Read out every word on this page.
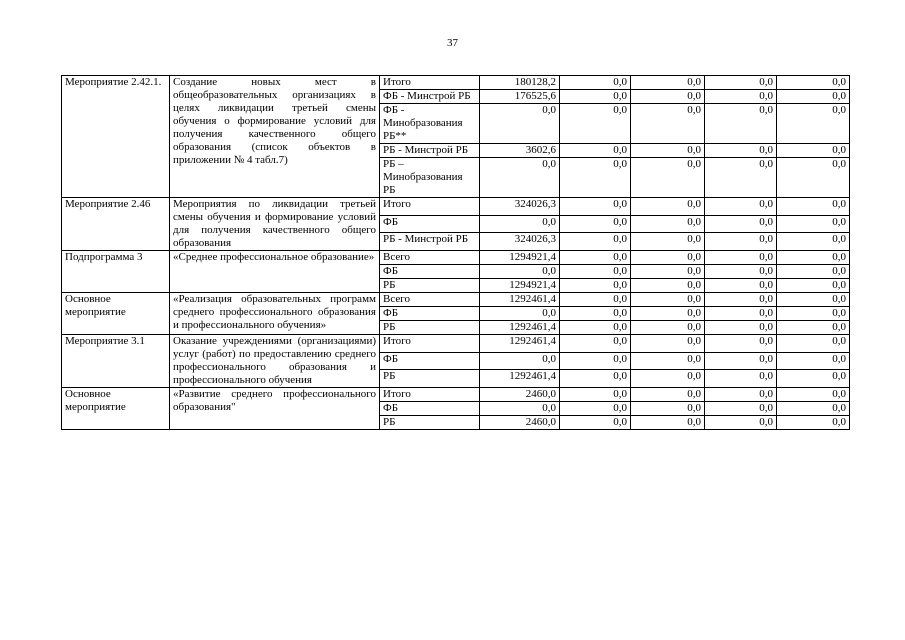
37
Мероприятие 2.42.1.	Создание новых мест в общеобразовательных организациях в целях ликвидации третьей смены обучения о формирование условий для получения качественного общего образования (список объектов в приложении № 4 табл.7)	Итого	180128,2	0,0	0,0	0,0	0,0
		ФБ - Минстрой РБ	176525,6	0,0	0,0	0,0	0,0
		ФБ - Минобразования РБ**	0,0	0,0	0,0	0,0	0,0
		РБ - Минстрой РБ	3602,6	0,0	0,0	0,0	0,0
		РБ – Минобразования РБ	0,0	0,0	0,0	0,0	0,0
Мероприятие 2.46	Мероприятия по ликвидации третьей смены обучения и формирование условий для получения качественного общего образования	Итого	324026,3	0,0	0,0	0,0	0,0
		ФБ	0,0	0,0	0,0	0,0	0,0
		РБ - Минстрой РБ	324026,3	0,0	0,0	0,0	0,0
Подпрограмма 3	«Среднее профессиональное образование»	Всего	1294921,4	0,0	0,0	0,0	0,0
		ФБ	0,0	0,0	0,0	0,0	0,0
		РБ	1294921,4	0,0	0,0	0,0	0,0
Основное мероприятие	«Реализация образовательных программ среднего профессионального образования и профессионального обучения»	Всего	1292461,4	0,0	0,0	0,0	0,0
		ФБ	0,0	0,0	0,0	0,0	0,0
		РБ	1292461,4	0,0	0,0	0,0	0,0
Мероприятие 3.1	Оказание учреждениями (организациями) услуг (работ) по предоставлению среднего профессионального образования и профессионального обучения	Итого	1292461,4	0,0	0,0	0,0	0,0
		ФБ	0,0	0,0	0,0	0,0	0,0
		РБ	1292461,4	0,0	0,0	0,0	0,0
Основное мероприятие	«Развитие среднего профессионального образования"	Итого	2460,0	0,0	0,0	0,0	0,0
		ФБ	0,0	0,0	0,0	0,0	0,0
		РБ	2460,0	0,0	0,0	0,0	0,0
